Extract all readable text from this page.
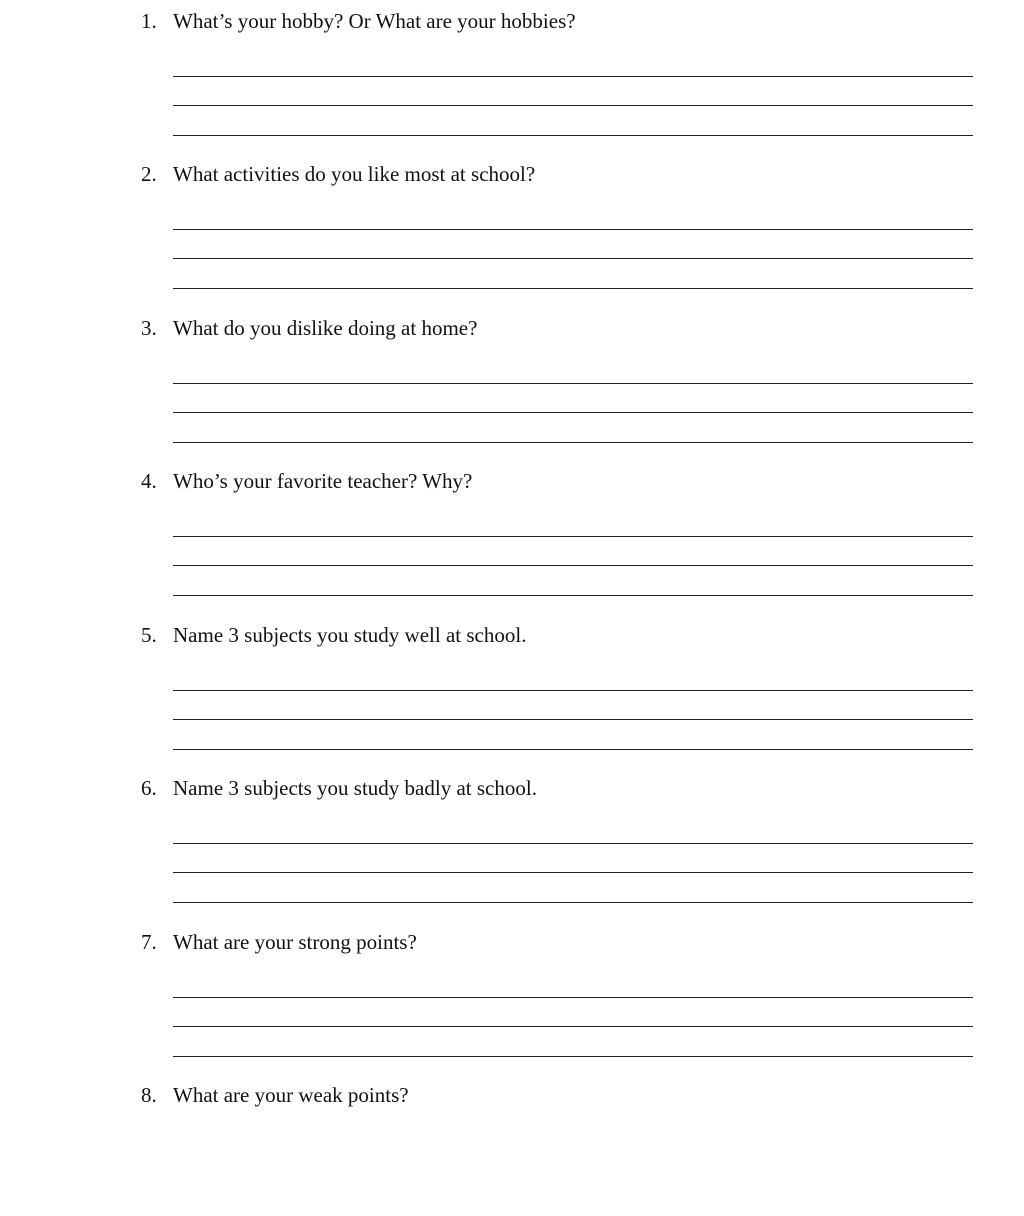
1. What’s your hobby? Or What are your hobbies?
2. What activities do you like most at school?
3. What do you dislike doing at home?
4. Who’s your favorite teacher? Why?
5. Name 3 subjects you study well at school.
6. Name 3 subjects you study badly at school.
7. What are your strong points?
8. What are your weak points?
